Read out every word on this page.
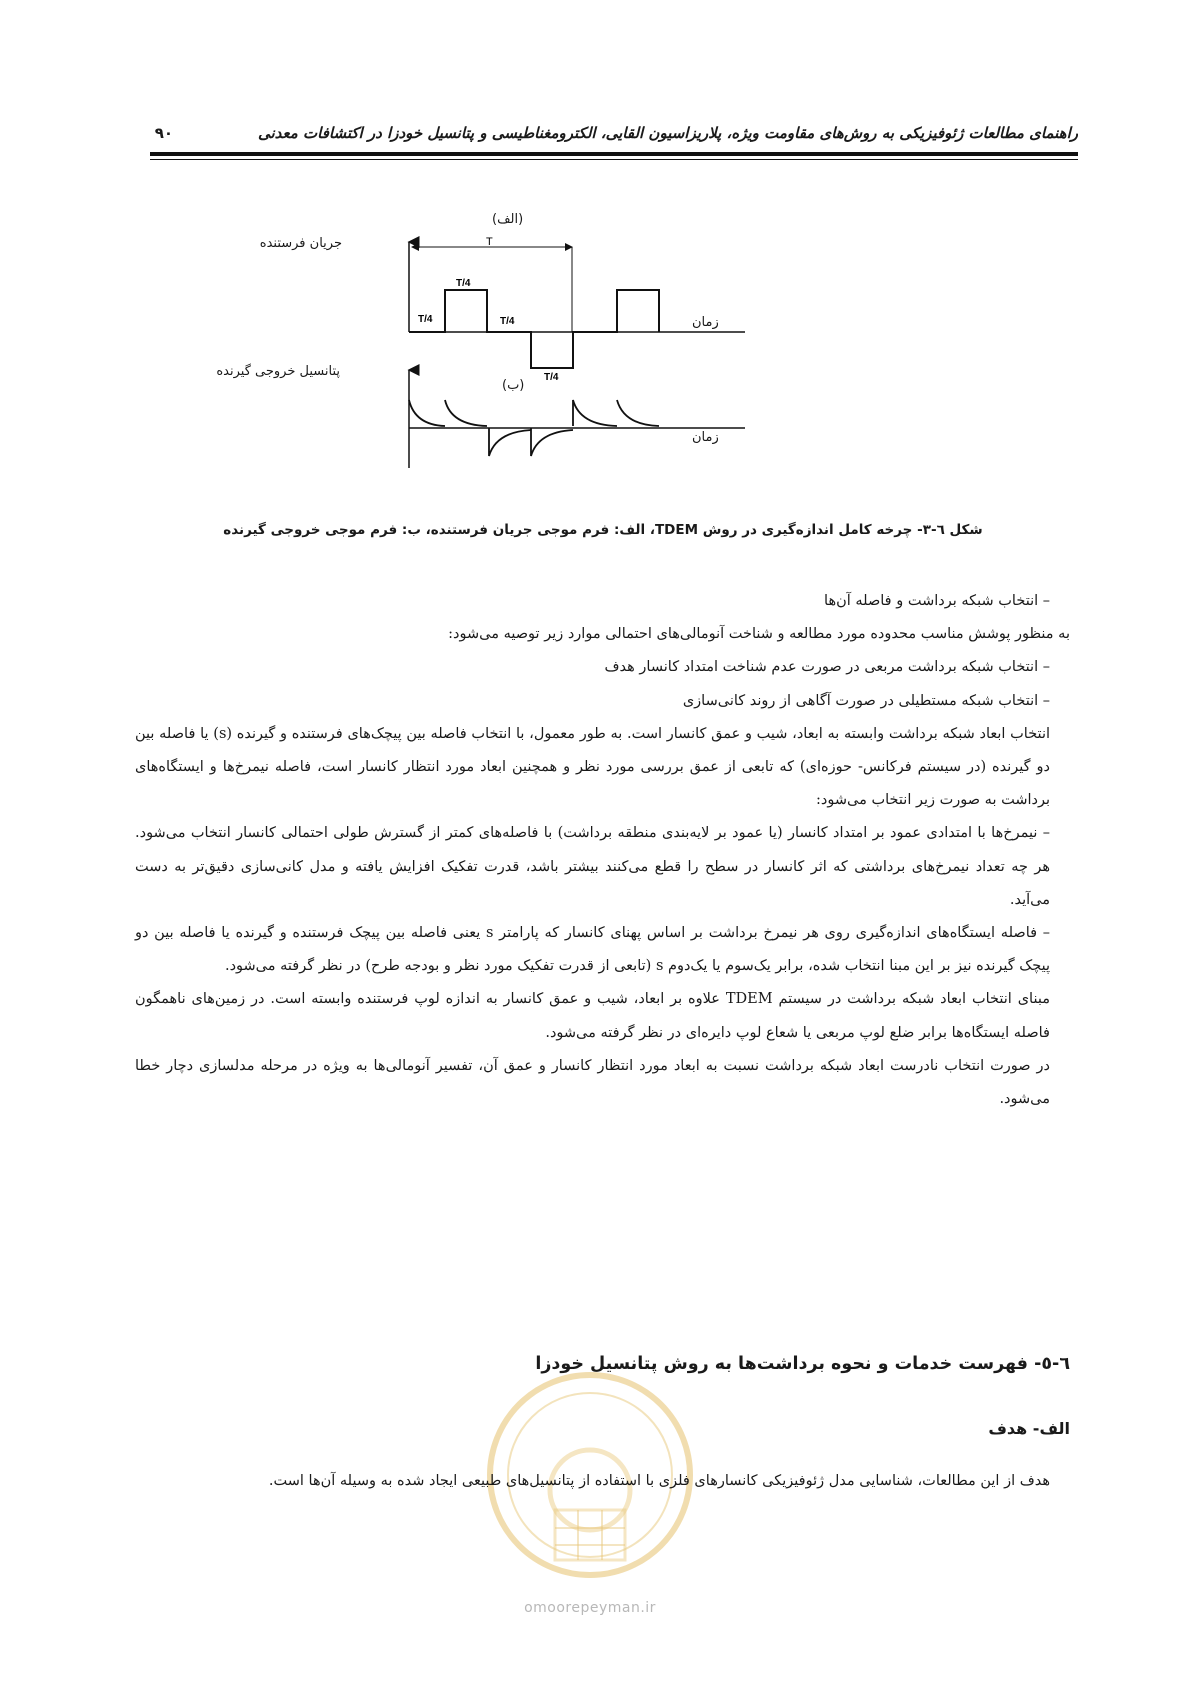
راهنمای مطالعات ژئوفیزیکی به روش‌های مقاومت ویژه، پلاریزاسیون القایی، الکترومغناطیسی و پتانسیل خودزا در اکتشافات معدنی
۹۰
T/4
T/4
T/4
T/4
T
(الف)
(ب)
جریان فرستنده
پتانسیل خروجی گیرنده
زمان
زمان
شکل ٦-٣- چرخه کامل اندازه‌گیری در روش TDEM، الف: فرم موجی جریان فرستنده، ب: فرم موجی خروجی گیرنده

– انتخاب شبکه برداشت و فاصله آن‌ها

به منظور پوشش مناسب محدوده مورد مطالعه و شناخت آنومالی‌های احتمالی موارد زیر توصیه می‌شود:

– انتخاب شبکه برداشت مربعی در صورت عدم شناخت امتداد کانسار هدف

– انتخاب شبکه مستطیلی در صورت آگاهی از روند کانی‌سازی

انتخاب ابعاد شبکه برداشت وابسته به ابعاد، شیب و عمق کانسار است. به طور معمول، با انتخاب فاصله بین پیچک‌های فرستنده و گیرنده (s) یا فاصله بین دو گیرنده (در سیستم فرکانس- حوزه‌ای) که تابعی از عمق بررسی مورد نظر و همچنین ابعاد مورد انتظار کانسار است، فاصله نیمرخ‌ها و ایستگاه‌های برداشت به صورت زیر انتخاب می‌شود:

– نیمرخ‌ها با امتدادی عمود بر امتداد کانسار (یا عمود بر لایه‌بندی منطقه برداشت) با فاصله‌های کمتر از گسترش طولی احتمالی کانسار انتخاب می‌شود. هر چه تعداد نیمرخ‌های برداشتی که اثر کانسار در سطح را قطع می‌کنند بیشتر باشد، قدرت تفکیک افزایش یافته و مدل کانی‌سازی دقیق‌تر به دست می‌آید.

– فاصله ایستگاه‌های اندازه‌گیری روی هر نیمرخ برداشت بر اساس پهنای کانسار که پارامتر s یعنی فاصله بین پیچک فرستنده و گیرنده یا فاصله بین دو پیچک گیرنده نیز بر این مبنا انتخاب شده، برابر یک‌سوم یا یک‌دوم s (تابعی از قدرت تفکیک مورد نظر و بودجه طرح) در نظر گرفته می‌شود.

مبنای انتخاب ابعاد شبکه برداشت در سیستم TDEM علاوه بر ابعاد، شیب و عمق کانسار به اندازه لوپ فرستنده وابسته است. در زمین‌های ناهمگون فاصله ایستگاه‌ها برابر ضلع لوپ مربعی یا شعاع لوپ دایره‌ای در نظر گرفته می‌شود.

در صورت انتخاب نادرست ابعاد شبکه برداشت نسبت به ابعاد مورد انتظار کانسار و عمق آن، تفسیر آنومالی‌ها به ویژه در مرحله مدلسازی دچار خطا می‌شود.

٦-٥- فهرست خدمات و نحوه برداشت‌ها به روش پتانسیل خودزا
الف- هدف

هدف از این مطالعات، شناسایی مدل ژئوفیزیکی کانسارهای فلزی با استفاده از پتانسیل‌های طبیعی ایجاد شده به وسیله آن‌ها است.

omoorepeyman.ir
